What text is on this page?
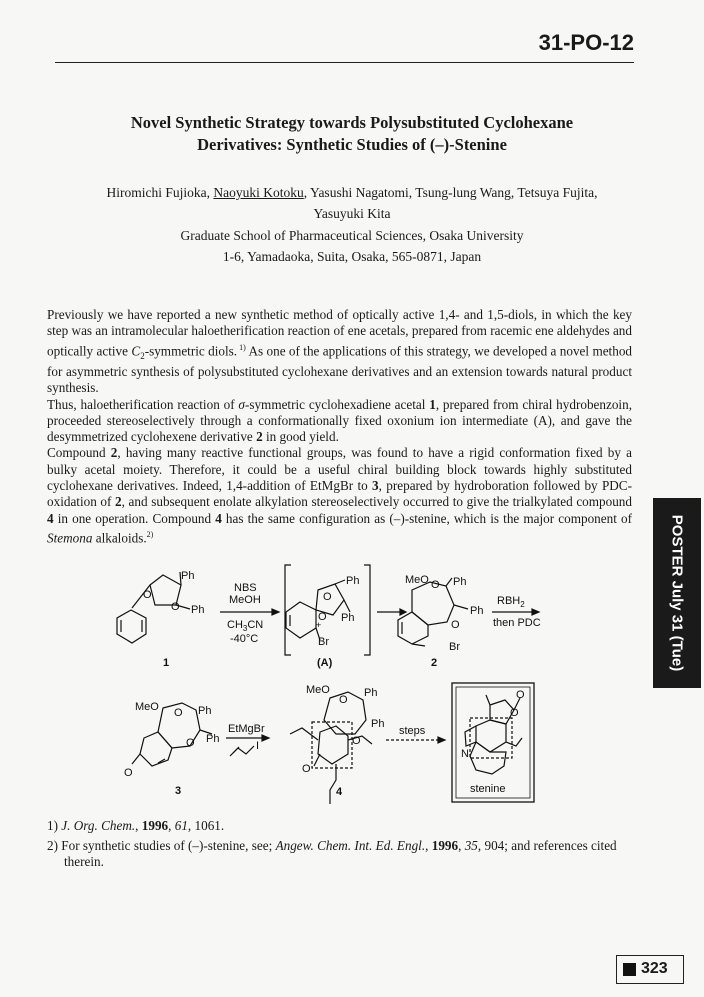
31-PO-12
Novel Synthetic Strategy towards Polysubstituted Cyclohexane
Derivatives: Synthetic Studies of (–)-Stenine
Hiromichi Fujioka, Naoyuki Kotoku, Yasushi Nagatomi, Tsung-lung Wang, Tetsuya Fujita,
Yasuyuki Kita
Graduate School of Pharmaceutical Sciences, Osaka University
1-6, Yamadaoka, Suita, Osaka, 565-0871, Japan

Previously we have reported a new synthetic method of optically active 1,4- and 1,5-diols, in which the key step was an intramolecular haloetherification reaction of ene acetals, prepared from racemic ene aldehydes and optically active $C_2$-symmetric diols. $^{1)}$ As one of the applications of this strategy, we developed a novel method for asymmetric synthesis of polysubstituted cyclohexane derivatives and an extension towards natural product synthesis.

Thus, haloetherification reaction of σ-symmetric cyclohexadiene acetal 1, prepared from chiral hydrobenzoin, proceeded stereoselectively through a conformationally fixed oxonium ion intermediate (A), and gave the desymmetrized cyclohexene derivative 2 in good yield.

Compound 2, having many reactive functional groups, was found to have a rigid conformation fixed by a bulky acetal moiety. Therefore, it could be a useful chiral building block towards highly substituted cyclohexane derivatives. Indeed, 1,4-addition of EtMgBr to 3, prepared by hydroboration followed by PDC-oxidation of 2, and subsequent enolate alkylation stereoselectively occurred to give the trialkylated compound 4 in one operation. Compound 4 has the same configuration as (–)-stenine, which is the major component of Stemona alkaloids.$^{2)}$

Ph
Ph
O
O
1
NBS
MeOH
$CH_3CN$
-40°C
Ph
Ph
O
O
+
Br
(A)
MeO O Ph
Ph
O
Br
2
$RBH_2$
then PDC
MeO O Ph
Ph
O
O
3
EtMgBr
I
MeO
O
Ph
Ph
O
O
4
steps
O
O
N
stenine
POSTER July 31 (Tue)

1) J. Org. Chem., 1996, 61, 1061.

2) For synthetic studies of (–)-stenine, see; Angew. Chem. Int. Ed. Engl., 1996, 35, 904; and references cited therein.

323
